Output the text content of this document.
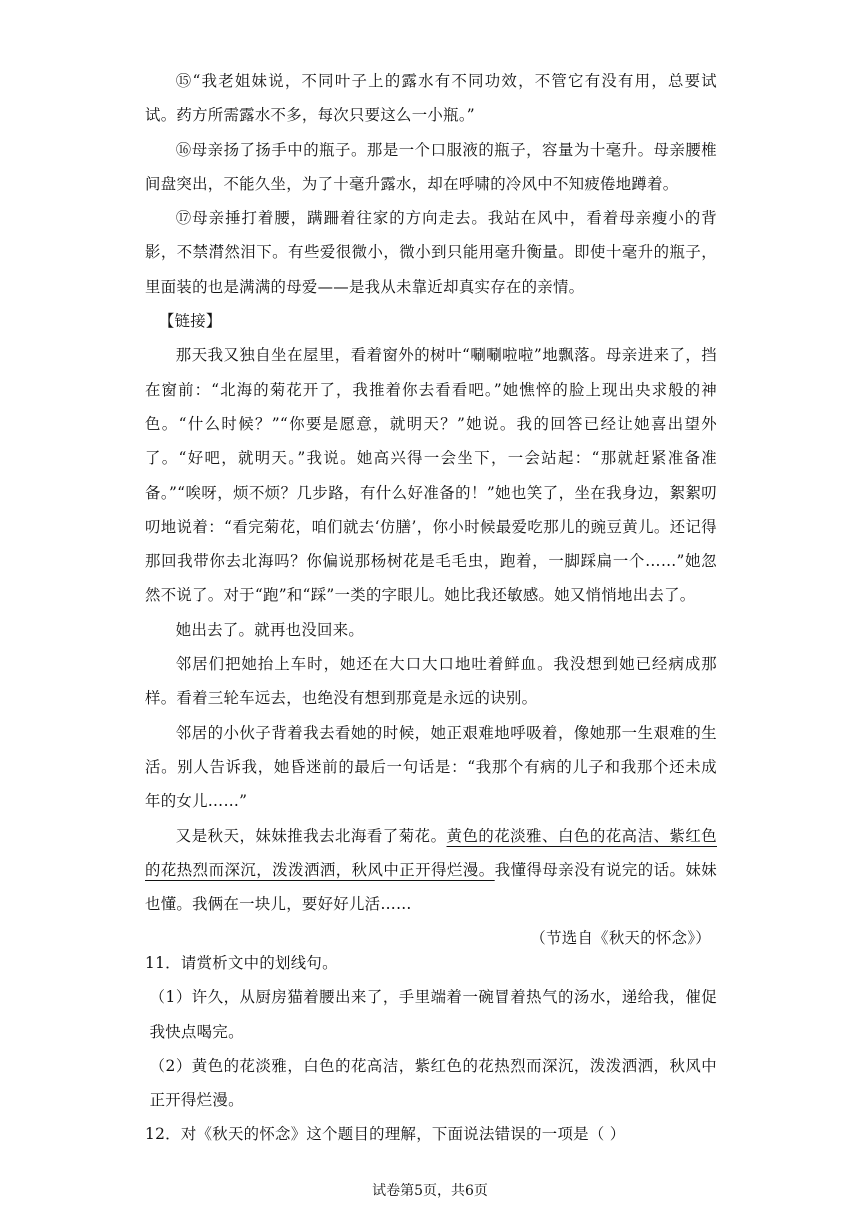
⑮“我老姐妹说，不同叶子上的露水有不同功效，不管它有没有用，总要试试。药方所需露水不多，每次只要这么一小瓶。”

⑯母亲扬了扬手中的瓶子。那是一个口服液的瓶子，容量为十毫升。母亲腰椎间盘突出，不能久坐，为了十毫升露水，却在呼啸的冷风中不知疲倦地蹲着。

⑰母亲捶打着腰，蹒跚着往家的方向走去。我站在风中，看着母亲瘦小的背影，不禁潸然泪下。有些爱很微小，微小到只能用毫升衡量。即使十毫升的瓶子，里面装的也是满满的母爱——是我从未靠近却真实存在的亲情。

【链接】

那天我又独自坐在屋里，看着窗外的树叶“唰唰啦啦”地飘落。母亲进来了，挡在窗前：“北海的菊花开了，我推着你去看看吧。”她憔悴的脸上现出央求般的神色。“什么时候？”“你要是愿意，就明天？”她说。我的回答已经让她喜出望外了。“好吧，就明天。”我说。她高兴得一会坐下，一会站起：“那就赶紧准备准备。”“唉呀，烦不烦？几步路，有什么好准备的！”她也笑了，坐在我身边，絮絮叨叨地说着：“看完菊花，咱们就去‘仿膳’，你小时候最爱吃那儿的豌豆黄儿。还记得那回我带你去北海吗？你偏说那杨树花是毛毛虫，跑着，一脚踩扁一个……”她忽然不说了。对于“跑”和“踩”一类的字眼儿。她比我还敏感。她又悄悄地出去了。

她出去了。就再也没回来。

邻居们把她抬上车时，她还在大口大口地吐着鲜血。我没想到她已经病成那样。看着三轮车远去，也绝没有想到那竟是永远的诀别。

邻居的小伙子背着我去看她的时候，她正艰难地呼吸着，像她那一生艰难的生活。别人告诉我，她昏迷前的最后一句话是：“我那个有病的儿子和我那个还未成年的女儿……”

又是秋天，妹妹推我去北海看了菊花。黄色的花淡雅、白色的花高洁、紫红色的花热烈而深沉，泼泼洒洒，秋风中正开得烂漫。我懂得母亲没有说完的话。妹妹也懂。我俩在一块儿，要好好儿活……

（节选自《秋天的怀念》）

11．请赏析文中的划线句。

（1）许久，从厨房猫着腰出来了，手里端着一碗冒着热气的汤水，递给我，催促我快点喝完。

（2）黄色的花淡雅，白色的花高洁，紫红色的花热烈而深沉，泼泼洒洒，秋风中正开得烂漫。

12．对《秋天的怀念》这个题目的理解，下面说法错误的一项是（ ）

试卷第5页，共6页
